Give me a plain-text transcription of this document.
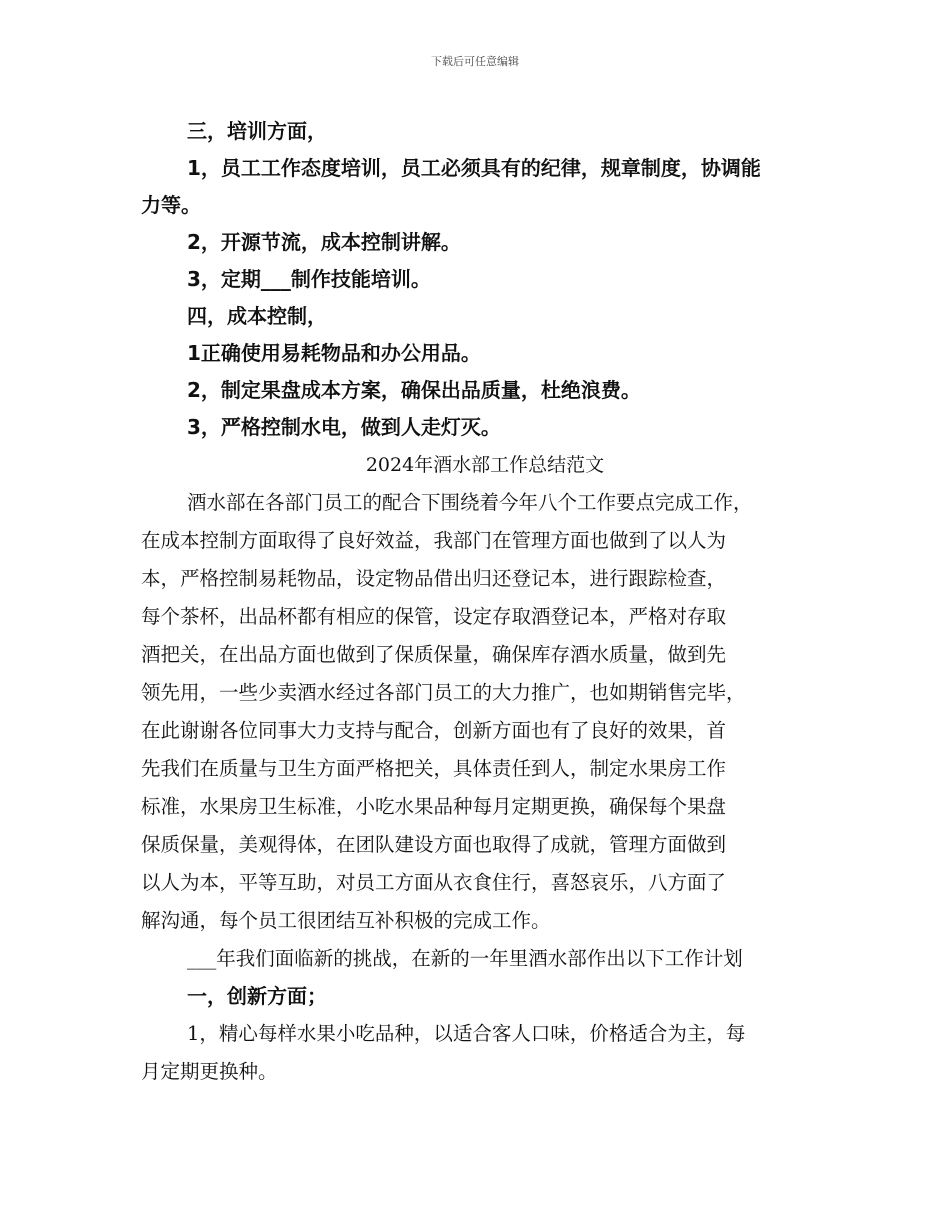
下载后可任意编辑

三，培训方面，

1，员工工作态度培训，员工必须具有的纪律，规章制度，协调能

力等。

2，开源节流，成本控制讲解。

3，定期___制作技能培训。

四，成本控制，

1正确使用易耗物品和办公用品。

2，制定果盘成本方案，确保出品质量，杜绝浪费。

3，严格控制水电，做到人走灯灭。

2024年酒水部工作总结范文

酒水部在各部门员工的配合下围绕着今年八个工作要点完成工作，

在成本控制方面取得了良好效益，我部门在管理方面也做到了以人为

本，严格控制易耗物品，设定物品借出归还登记本，进行跟踪检查，

每个茶杯，出品杯都有相应的保管，设定存取酒登记本，严格对存取

酒把关，在出品方面也做到了保质保量，确保库存酒水质量，做到先

领先用，一些少卖酒水经过各部门员工的大力推广，也如期销售完毕，

在此谢谢各位同事大力支持与配合，创新方面也有了良好的效果，首

先我们在质量与卫生方面严格把关，具体责任到人，制定水果房工作

标准，水果房卫生标准，小吃水果品种每月定期更换，确保每个果盘

保质保量，美观得体，在团队建设方面也取得了成就，管理方面做到

以人为本，平等互助，对员工方面从衣食住行，喜怒哀乐，八方面了

解沟通，每个员工很团结互补积极的完成工作。

___年我们面临新的挑战，在新的一年里酒水部作出以下工作计划

一，创新方面；

1，精心每样水果小吃品种，以适合客人口味，价格适合为主，每

月定期更换种。
